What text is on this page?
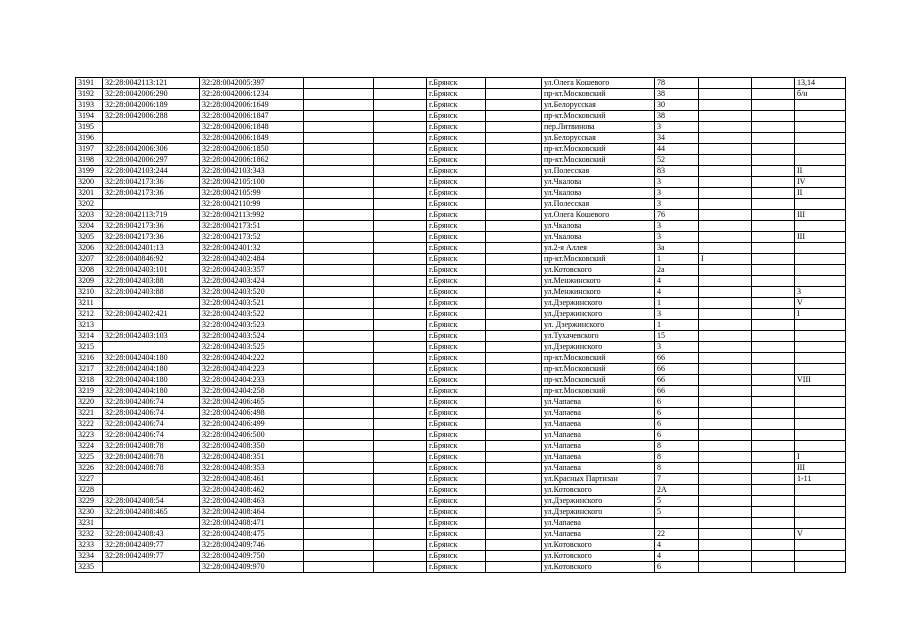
3191	32:28:0042113:121	32:28:0042005:397			г.Брянск		ул.Олега Кошевого	78			13,14
3192	32:28:0042006:290	32:28:0042006:1234			г.Брянск		пр-кт.Московский	38			б/н
3193	32:28:0042006:189	32:28:0042006:1649			г.Брянск		ул.Белорусская	30			
3194	32:28:0042006:288	32:28:0042006:1847			г.Брянск		пр-кт.Московский	38			
3195		32:28:0042006:1848			г.Брянск		пер.Литвинова	3			
3196		32:28:0042006:1849			г.Брянск		ул.Белорусская	34			
3197	32:28:0042006:306	32:28:0042006:1850			г.Брянск		пр-кт.Московский	44			
3198	32:28:0042006:297	32:28:0042006:1862			г.Брянск		пр-кт.Московский	52			
3199	32:28:0042103:244	32:28:0042103:343			г.Брянск		ул.Полесская	83			II
3200	32:28:0042173:36	32:28:0042105:100			г.Брянск		ул.Чкалова	3			IV
3201	32:28:0042173:36	32:28:0042105:99			г.Брянск		ул.Чкалова	3			II
3202		32:28:0042110:99			г.Брянск		ул.Полесская	3			
3203	32:28:0042113:719	32:28:0042113:992			г.Брянск		ул.Олега Кошевого	76			III
3204	32:28:0042173:36	32:28:0042173:51			г.Брянск		ул.Чкалова	3			
3205	32:28:0042173:36	32:28:0042173:52			г.Брянск		ул.Чкалова	3			III
3206	32:28:0042401:13	32:28:0042401:32			г.Брянск		ул.2-я Аллея	3а			
3207	32:28:0040846:92	32:28:0042402:484			г.Брянск		пр-кт.Московский	1	I		
3208	32:28:0042403:101	32:28:0042403:357			г.Брянск		ул.Котовского	2а			
3209	32:28:0042403:88	32:28:0042403:424			г.Брянск		ул.Менжинского	4			
3210	32:28:0042403:88	32:28:0042403:520			г.Брянск		ул.Менжинского	4			3
3211		32:28:0042403:521			г.Брянск		ул.Дзержинского	1			V
3212	32:28:0042402:421	32:28:0042403:522			г.Брянск		ул.Дзержинского	3			I
3213		32:28:0042403:523			г.Брянск		ул. Дзержинского	1			
3214	32:28:0042403:103	32:28:0042403:524			г.Брянск		ул.Тухачевского	15			
3215		32:28:0042403:525			г.Брянск		ул.Дзержинского	3			
3216	32:28:0042404:180	32:28:0042404:222			г.Брянск		пр-кт.Московский	66			
3217	32:28:0042404:180	32:28:0042404:223			г.Брянск		пр-кт.Московский	66			
3218	32:28:0042404:180	32:28:0042404:233			г.Брянск		пр-кт.Московский	66			VIII
3219	32:28:0042404:180	32:28:0042404:258			г.Брянск		пр-кт.Московский	66			
3220	32:28:0042406:74	32:28:0042406:465			г.Брянск		ул.Чапаева	6			
3221	32:28:0042406:74	32:28:0042406:498			г.Брянск		ул.Чапаева	6			
3222	32:28:0042406:74	32:28:0042406:499			г.Брянск		ул.Чапаева	6			
3223	32:28:0042406:74	32:28:0042406:500			г.Брянск		ул.Чапаева	6			
3224	32:28:0042408:78	32:28:0042408:350			г.Брянск		ул.Чапаева	8			
3225	32:28:0042408:78	32:28:0042408:351			г.Брянск		ул.Чапаева	8			I
3226	32:28:0042408:78	32:28:0042408:353			г.Брянск		ул.Чапаева	8			III
3227		32:28:0042408:461			г.Брянск		ул.Красных Партизан	7			1-11
3228		32:28:0042408:462			г.Брянск		ул.Котовского	2А			
3229	32:28:0042408:54	32:28:0042408:463			г.Брянск		ул.Дзержинского	5			
3230	32:28:0042408:465	32:28:0042408:464			г.Брянск		ул.Дзержинского	5			
3231		32:28:0042408:471			г.Брянск		ул.Чапаева				
3232	32:28:0042408:43	32:28:0042408:475			г.Брянск		ул.Чапаева	22			V
3233	32:28:0042409:77	32:28:0042409:746			г.Брянск		ул.Котовского	4			
3234	32:28:0042409:77	32:28:0042409:750			г.Брянск		ул.Котовского	4			
3235		32:28:0042409:970			г.Брянск		ул.Котовского	6			
